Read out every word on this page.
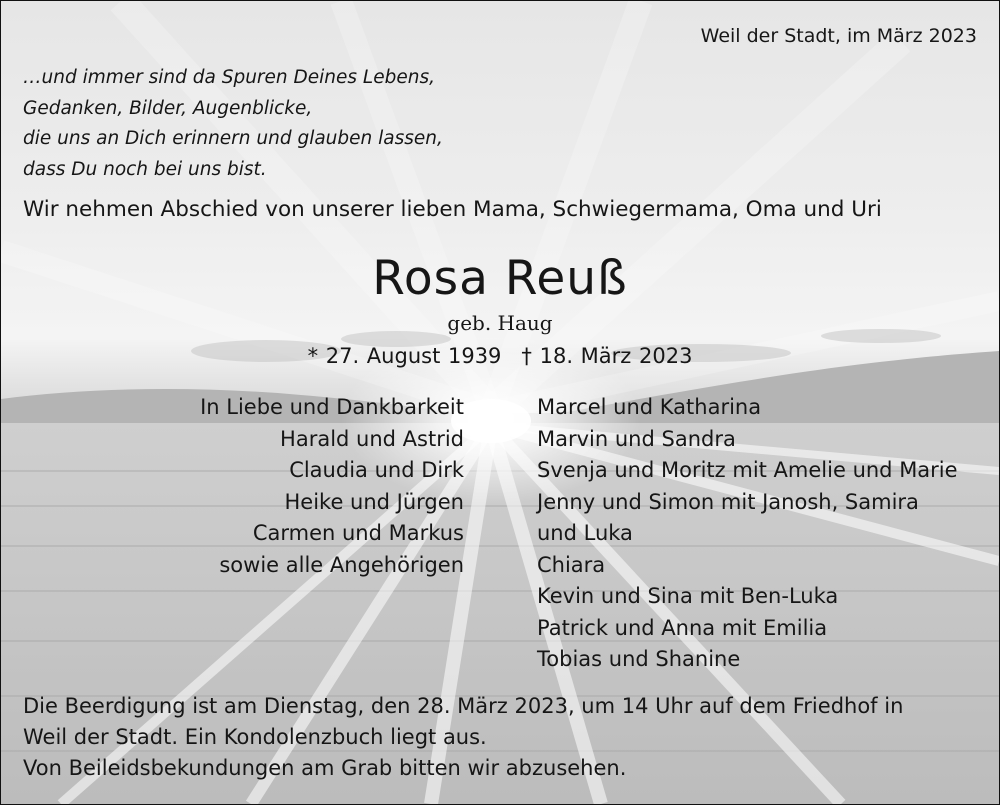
Weil der Stadt, im März 2023
…und immer sind da Spuren Deines Lebens,
Gedanken, Bilder, Augenblicke,
die uns an Dich erinnern und glauben lassen,
dass Du noch bei uns bist.
Wir nehmen Abschied von unserer lieben Mama, Schwiegermama, Oma und Uri
Rosa Reuß
geb. Haug
* 27. August 1939 † 18. März 2023
In Liebe und Dankbarkeit
Harald und Astrid
Claudia und Dirk
Heike und Jürgen
Carmen und Markus
sowie alle Angehörigen
Marcel und Katharina
Marvin und Sandra
Svenja und Moritz mit Amelie und Marie
Jenny und Simon mit Janosh, Samira
und Luka
Chiara
Kevin und Sina mit Ben-Luka
Patrick und Anna mit Emilia
Tobias und Shanine
Die Beerdigung ist am Dienstag, den 28. März 2023, um 14 Uhr auf dem Friedhof in
Weil der Stadt. Ein Kondolenzbuch liegt aus.
Von Beileidsbekundungen am Grab bitten wir abzusehen.
